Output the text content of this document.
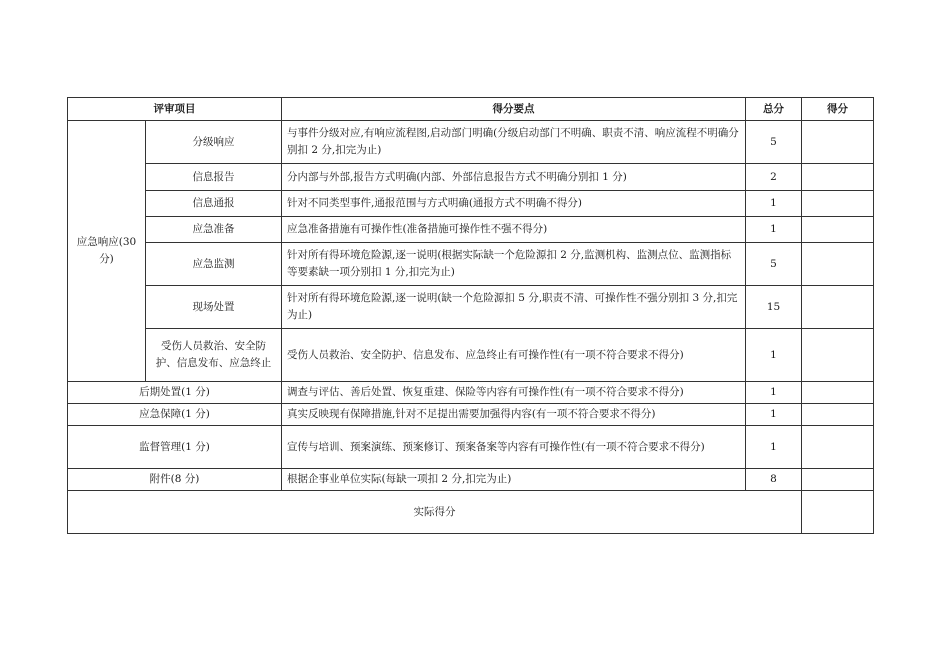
评审项目		得分要点	总分	得分
应急响应(30分)	分级响应	与事件分级对应,有响应流程图,启动部门明确(分级启动部门不明确、职责不清、响应流程不明确分别扣 2 分,扣完为止)	5	
	信息报告	分内部与外部,报告方式明确(内部、外部信息报告方式不明确分别扣 1 分)	2	
	信息通报	针对不同类型事件,通报范围与方式明确(通报方式不明确不得分)	1	
	应急准备	应急准备措施有可操作性(准备措施可操作性不强不得分)	1	
	应急监测	针对所有得环境危险源,逐一说明(根据实际缺一个危险源扣 2 分,监测机构、监测点位、监测指标等要素缺一项分别扣 1 分,扣完为止)	5	
	现场处置	针对所有得环境危险源,逐一说明(缺一个危险源扣 5 分,职责不清、可操作性不强分别扣 3 分,扣完为止)	15	
	受伤人员救治、安全防护、信息发布、应急终止	受伤人员救治、安全防护、信息发布、应急终止有可操作性(有一项不符合要求不得分)	1	
后期处置(1 分)		调查与评估、善后处置、恢复重建、保险等内容有可操作性(有一项不符合要求不得分)	1	
应急保障(1 分)		真实反映现有保障措施,针对不足提出需要加强得内容(有一项不符合要求不得分)	1	
监督管理(1 分)		宣传与培训、预案演练、预案修订、预案备案等内容有可操作性(有一项不符合要求不得分)	1	
附件(8 分)		根据企事业单位实际(每缺一项扣 2 分,扣完为止)	8	
实际得分				
